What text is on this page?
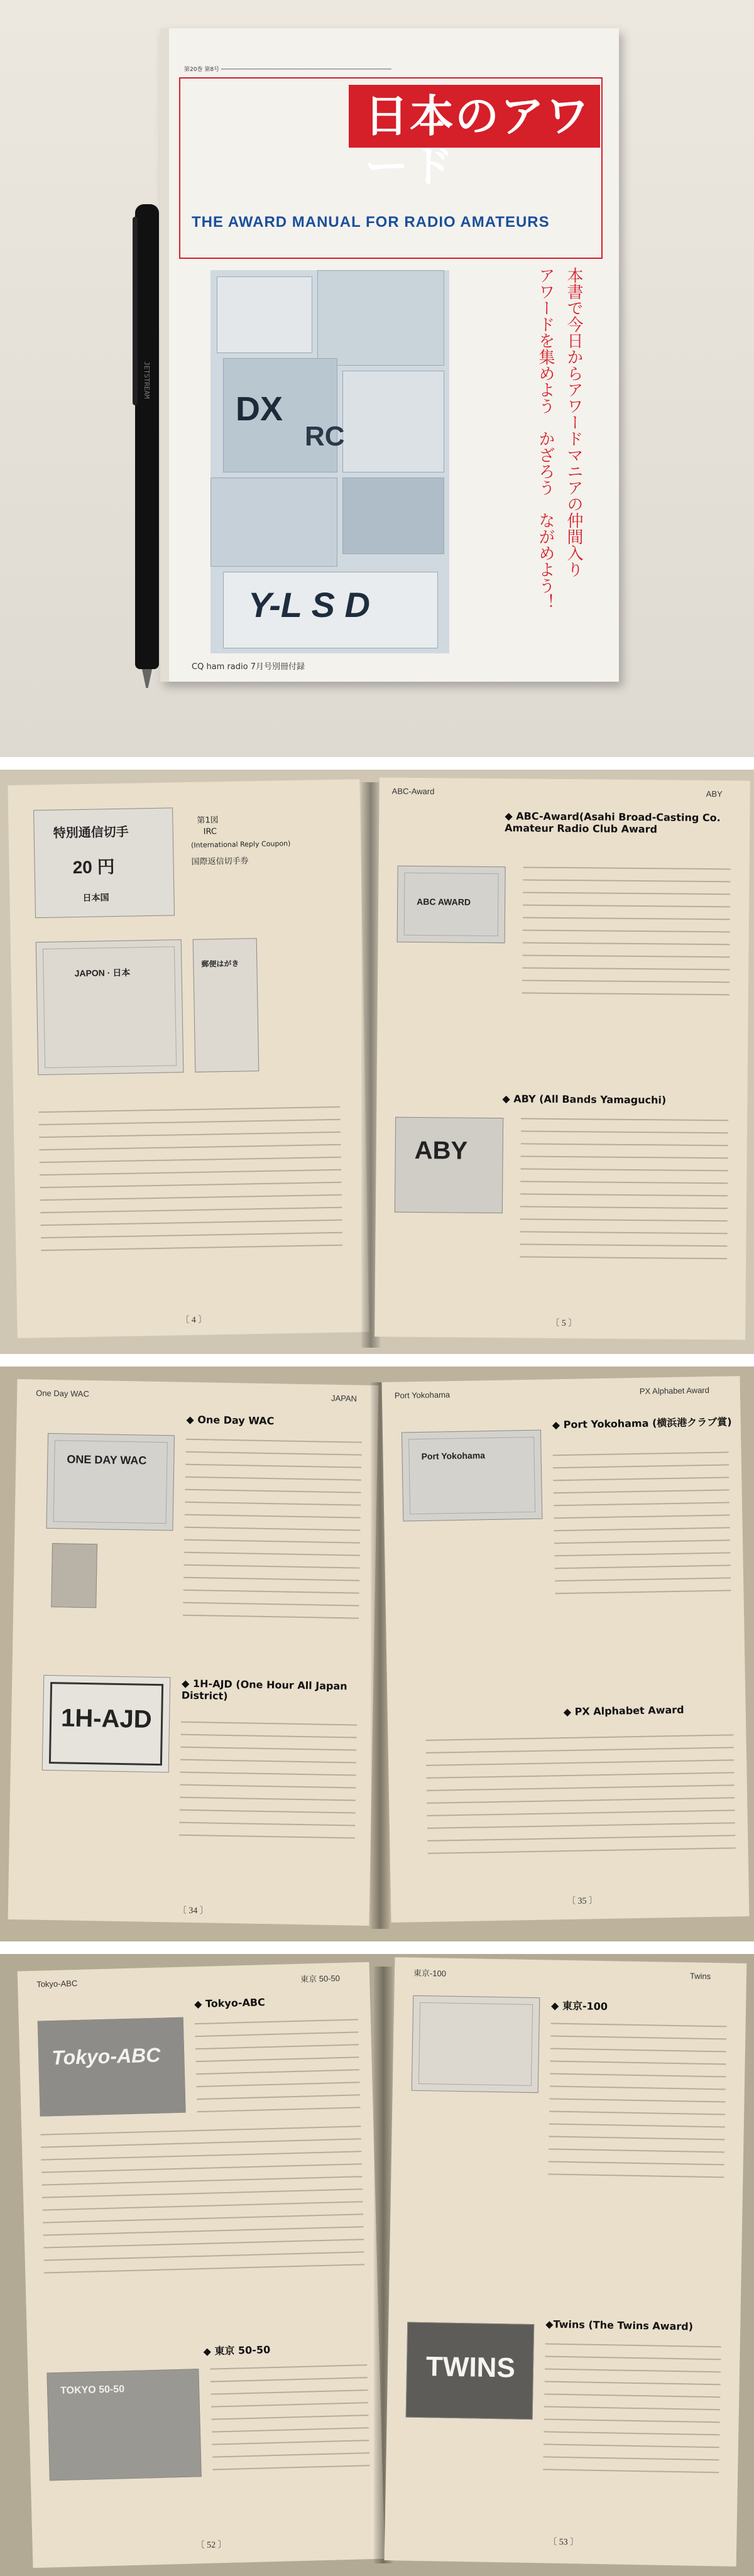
第20巻 第8号 ──────────────────────────────────────────────────
日本のアワード
THE AWARD MANUAL FOR RADIO AMATEURS
DX
RC
Y-L S D
本書で今日からアワードマニアの仲間入り
アワードを集めよう　かざろう　ながめよう！
CQ ham radio 7月号別冊付録
JETSTREAM
特別通信切手
20 円
日本国
第1図
IRC
(International Reply Coupon)
国際返信切手券
JAPON · 日本
郵便はがき
〔 4 〕
ABC-Award	ABY
◆ ABC-Award(Asahi Broad-Casting Co. Amateur Radio Club Award
ABC AWARD
◆ ABY (All Bands Yamaguchi)
ABY
〔 5 〕
One Day WAC	JAPAN
◆ One Day WAC
ONE DAY WAC
◆ 1H-AJD (One Hour All Japan District)
1H-AJD
〔 34 〕
Port Yokohama	PX Alphabet Award
Port Yokohama
◆ Port Yokohama (横浜港クラブ賞)
◆ PX Alphabet Award
〔 35 〕
Tokyo-ABC	東京 50-50
◆ Tokyo-ABC
Tokyo-ABC
◆ 東京 50-50
TOKYO 50-50
〔 52 〕
東京-100	Twins
◆ 東京-100
◆Twins (The Twins Award)
TWINS
〔 53 〕
